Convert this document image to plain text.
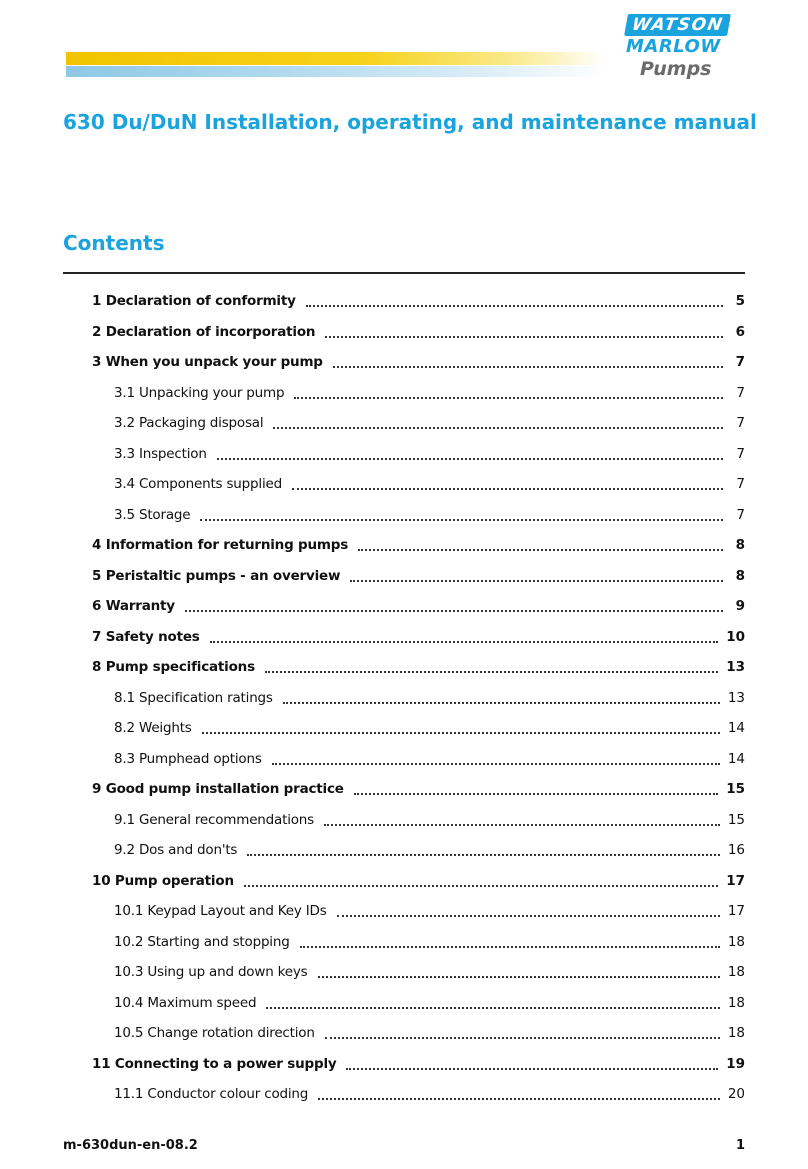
WATSON
MARLOW
Pumps
630 Du/DuN Installation, operating, and maintenance manual
Contents
1 Declaration of conformity	5
2 Declaration of incorporation	6
3 When you unpack your pump	7
3.1 Unpacking your pump	7
3.2 Packaging disposal	7
3.3 Inspection	7
3.4 Components supplied	7
3.5 Storage	7
4 Information for returning pumps	8
5 Peristaltic pumps - an overview	8
6 Warranty	9
7 Safety notes	10
8 Pump specifications	13
8.1 Specification ratings	13
8.2 Weights	14
8.3 Pumphead options	14
9 Good pump installation practice	15
9.1 General recommendations	15
9.2 Dos and don'ts	16
10 Pump operation	17
10.1 Keypad Layout and Key IDs	17
10.2 Starting and stopping	18
10.3 Using up and down keys	18
10.4 Maximum speed	18
10.5 Change rotation direction	18
11 Connecting to a power supply	19
11.1 Conductor colour coding	20
m-630dun-en-08.2	1
